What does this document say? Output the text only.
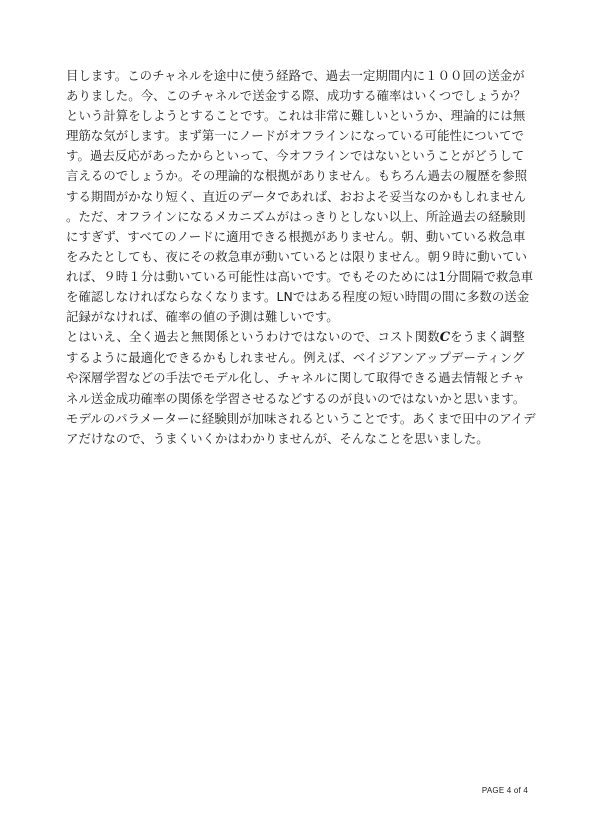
目します。このチャネルを途中に使う経路で、過去一定期間内に１００回の送金がありました。今、このチャネルで送金する際、成功する確率はいくつでしょうか？という計算をしようとすることです。これは非常に難しいというか、理論的には無理筋な気がします。まず第一にノードがオフラインになっている可能性についてです。過去反応があったからといって、今オフラインではないということがどうして言えるのでしょうか。その理論的な根拠がありません。もちろん過去の履歴を参照する期間がかなり短く、直近のデータであれば、おおよそ妥当なのかもしれません。ただ、オフラインになるメカニズムがはっきりとしない以上、所詮過去の経験則にすぎず、すべてのノードに適用できる根拠がありません。朝、動いている救急車をみたとしても、夜にその救急車が動いているとは限りません。朝９時に動いていれば、９時１分は動いている可能性は高いです。でもそのためには1分間隔で救急車を確認しなければならなくなります。LNではある程度の短い時間の間に多数の送金記録がなければ、確率の値の予測は難しいです。

とはいえ、全く過去と無関係というわけではないので、コスト関数Cをうまく調整するように最適化できるかもしれません。例えば、ベイジアンアップデーティングや深層学習などの手法でモデル化し、チャネルに関して取得できる過去情報とチャネル送金成功確率の関係を学習させるなどするのが良いのではないかと思います。モデルのパラメーターに経験則が加味されるということです。あくまで田中のアイデアだけなので、うまくいくかはわかりませんが、そんなことを思いました。

PAGE 4 of 4
